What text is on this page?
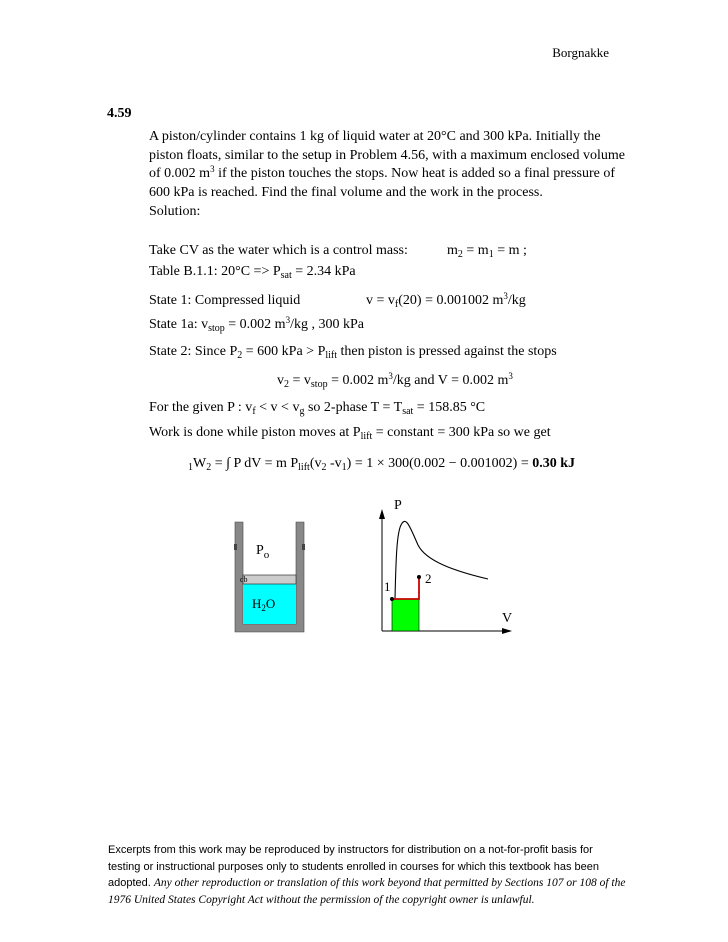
Borgnakke
4.59
A piston/cylinder contains 1 kg of liquid water at 20°C and 300 kPa. Initially the piston floats, similar to the setup in Problem 4.56, with a maximum enclosed volume of 0.002 $m^3$ if the piston touches the stops. Now heat is added so a final pressure of 600 kPa is reached. Find the final volume and the work in the process.
Solution:
Take CV as the water which is a control mass:	$m_2 = m_1 = m$ ;
Table B.1.1: $20^\circ C => P_{sat} = 2.34$ kPa
State 1: Compressed liquid	$v = v_f(20) = 0.001002$ $m^3/kg$
State 1a: $v_{stop} = 0.002$ $m^3/kg$ , 300 kPa
State 2: Since $P_2 = 600$ kPa > $P_{lift}$ then piston is pressed against the stops
$v_2 = v_{stop} = 0.002$ $m^3/kg$ and V = 0.002 $m^3$
For the given P : $v_f < v < v_g$ so 2-phase $T = T_{sat} = 158.85$ °C
Work is done while piston moves at $P_{lift}$ = constant = 300 kPa so we get
$_1W_2$ = ∫ P dV = m $P_{lift}(v_2$ $-v_1) = 1 \times 300(0.002 - 0.001002) = 0.30$ kJ
$P_o$
cb
$H_2O$
P
V
1
2
Excerpts from this work may be reproduced by instructors for distribution on a not-for-profit basis for testing or instructional purposes only to students enrolled in courses for which this textbook has been adopted. Any other reproduction or translation of this work beyond that permitted by Sections 107 or 108 of the 1976 United States Copyright Act without the permission of the copyright owner is unlawful.
